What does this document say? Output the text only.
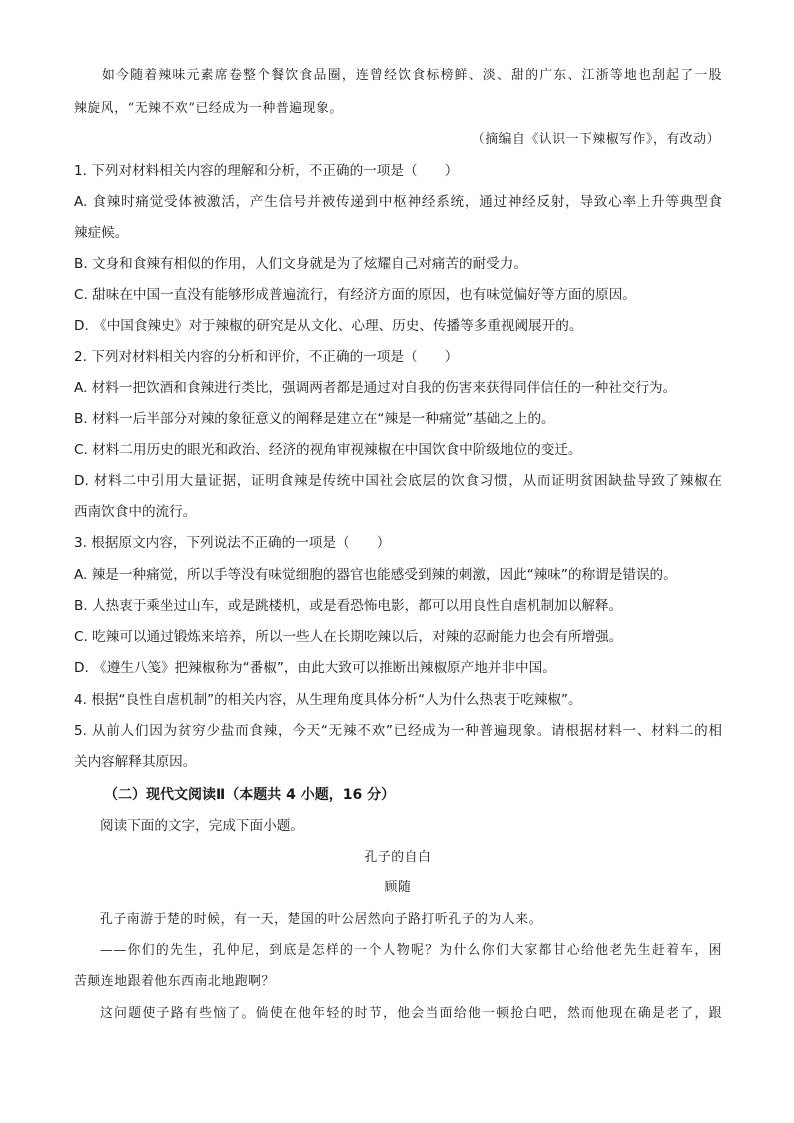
如今随着辣味元素席卷整个餐饮食品圈，连曾经饮食标榜鲜、淡、甜的广东、江浙等地也刮起了一股
辣旋风，“无辣不欢”已经成为一种普遍现象。
（摘编自《认识一下辣椒写作》，有改动）
1. 下列对材料相关内容的理解和分析，不正确的一项是（　　）
A. 食辣时痛觉受体被激活，产生信号并被传递到中枢神经系统，通过神经反射，导致心率上升等典型食
辣症候。
B. 文身和食辣有相似的作用，人们文身就是为了炫耀自己对痛苦的耐受力。
C. 甜味在中国一直没有能够形成普遍流行，有经济方面的原因，也有味觉偏好等方面的原因。
D. 《中国食辣史》对于辣椒的研究是从文化、心理、历史、传播等多重视阈展开的。
2. 下列对材料相关内容的分析和评价，不正确的一项是（　　）
A. 材料一把饮酒和食辣进行类比，强调两者都是通过对自我的伤害来获得同伴信任的一种社交行为。
B. 材料一后半部分对辣的象征意义的阐释是建立在“辣是一种痛觉”基础之上的。
C. 材料二用历史的眼光和政治、经济的视角审视辣椒在中国饮食中阶级地位的变迁。
D. 材料二中引用大量证据，证明食辣是传统中国社会底层的饮食习惯，从而证明贫困缺盐导致了辣椒在
西南饮食中的流行。
3. 根据原文内容，下列说法不正确的一项是（　　）
A. 辣是一种痛觉，所以手等没有味觉细胞的器官也能感受到辣的刺激，因此“辣味”的称谓是错误的。
B. 人热衷于乘坐过山车，或是跳楼机，或是看恐怖电影，都可以用良性自虐机制加以解释。
C. 吃辣可以通过锻炼来培养，所以一些人在长期吃辣以后，对辣的忍耐能力也会有所增强。
D. 《遵生八笺》把辣椒称为“番椒”，由此大致可以推断出辣椒原产地并非中国。
4. 根据“良性自虐机制”的相关内容，从生理角度具体分析“人为什么热衷于吃辣椒”。
5. 从前人们因为贫穷少盐而食辣，今天“无辣不欢”已经成为一种普遍现象。请根据材料一、材料二的相
关内容解释其原因。
（二）现代文阅读Ⅱ（本题共 4 小题，16 分）
阅读下面的文字，完成下面小题。
孔子的自白
顾随
孔子南游于楚的时候，有一天，楚国的叶公居然向子路打听孔子的为人来。
——你们的先生，孔仲尼，到底是怎样的一个人物呢？为什么你们大家都甘心给他老先生赶着车，困
苦颠连地跟着他东西南北地跑啊？
这问题使子路有些恼了。倘使在他年轻的时节，他会当面给他一顿抢白吧，然而他现在确是老了，跟
